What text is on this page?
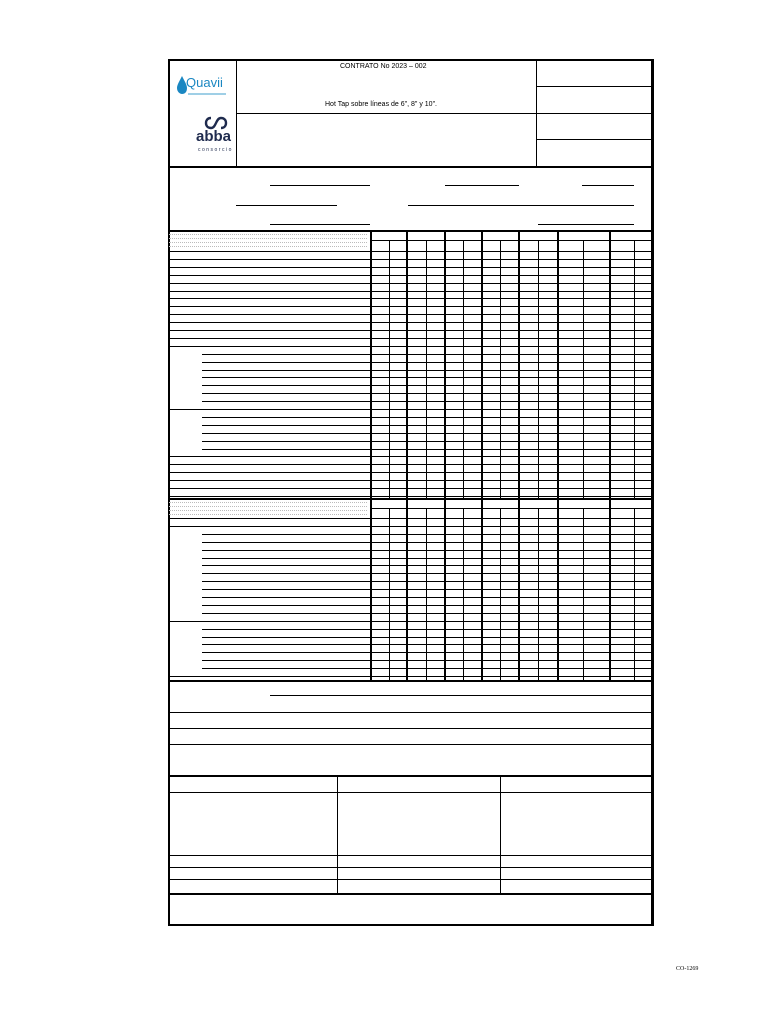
Quavii
abba
consorcio
CONTRATO No 2023 – 002
Hot Tap sobre líneas de 6", 8" y 10".
CO-1269
